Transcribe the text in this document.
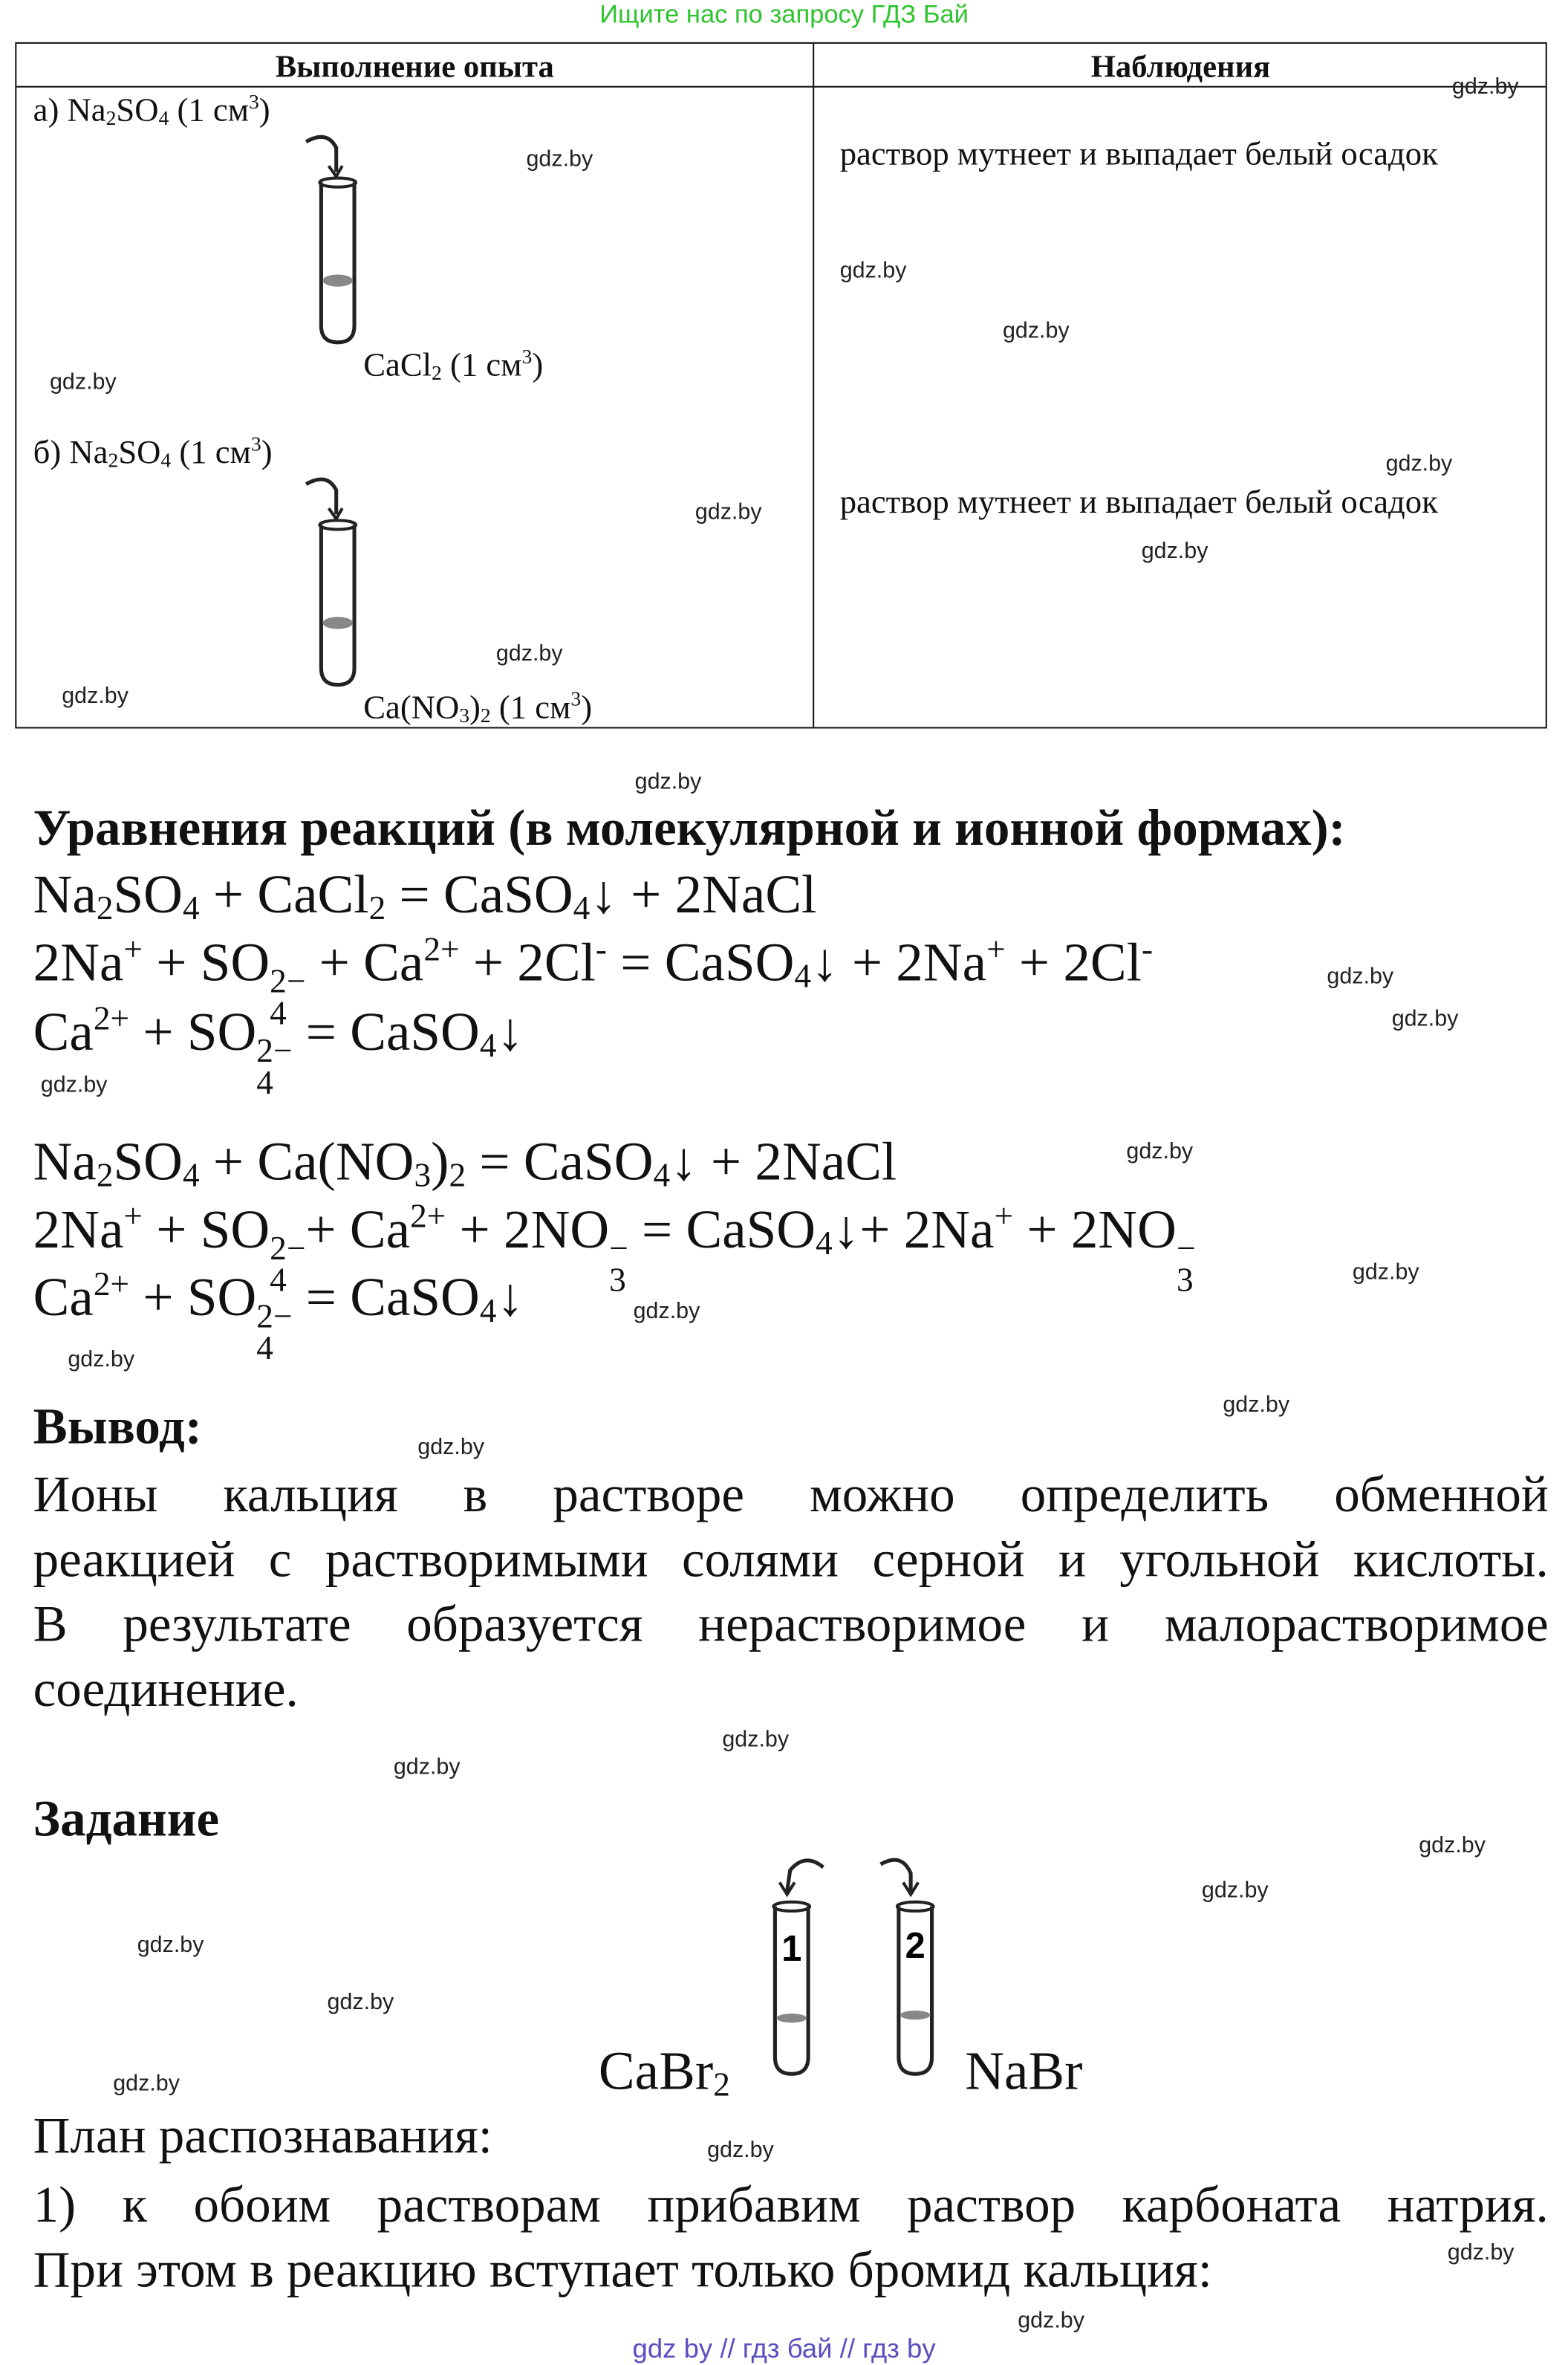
Ищите нас по запросу ГДЗ Бай
Выполнение опыта	Наблюдения
а) $Na_2SO_4$ (1 $см^3$)
CaCl$_2$ (1 $см^3$)
раствор мутнеет и выпадает белый осадок
б) $Na_2SO_4$ (1 $см^3$)
$Ca(NO_3)_2$ (1 $см^3$)
раствор мутнеет и выпадает белый осадок
Уравнения реакций (в молекулярной и ионной формах):
$Na_2SO_4$ + CaCl$_2$ = CaSO$_4$↓ + 2NaCl
2Na+ + SO 2−
4
+ $Ca^{2+} + 2Cl^-$ = CaSO$_4$↓ + 2Na+ + 2Cl-
$Ca^{2+}$ + SO 2−
4
= CaSO$_4$↓
$Na_2SO_4 + Ca(NO_3)_2$ = CaSO$_4$↓ + 2NaCl
2Na+ + SO 2−
4
+ $Ca^{2+} + 2NO$ −
3
= CaSO$_4$↓+ 2Na+ + 2NO −
3
$Ca^{2+}$ + SO 2−
4
= CaSO$_4$↓
Вывод:
Ионы кальция в растворе можно определить обменной
реакцией с растворимыми солями серной и угольной кислоты.
В результате образуется нерастворимое и малорастворимое
соединение.
Задание
1	2
CaBr$_2$	NaBr
План распознавания:
1) к обоим растворам прибавим раствор карбоната натрия.
При этом в реакцию вступает только бромид кальция:
gdz by // гдз бай // гдз by
gdz.by
gdz.by
gdz.by
gdz.by
gdz.by
gdz.by
gdz.by
gdz.by
gdz.by
gdz.by
gdz.by
gdz.by
gdz.by
gdz.by
gdz.by
gdz.by
gdz.by
gdz.by
gdz.by
gdz.by
gdz.by
gdz.by
gdz.by
gdz.by
gdz.by
gdz.by
gdz.by
gdz.by
gdz.by
gdz.by
